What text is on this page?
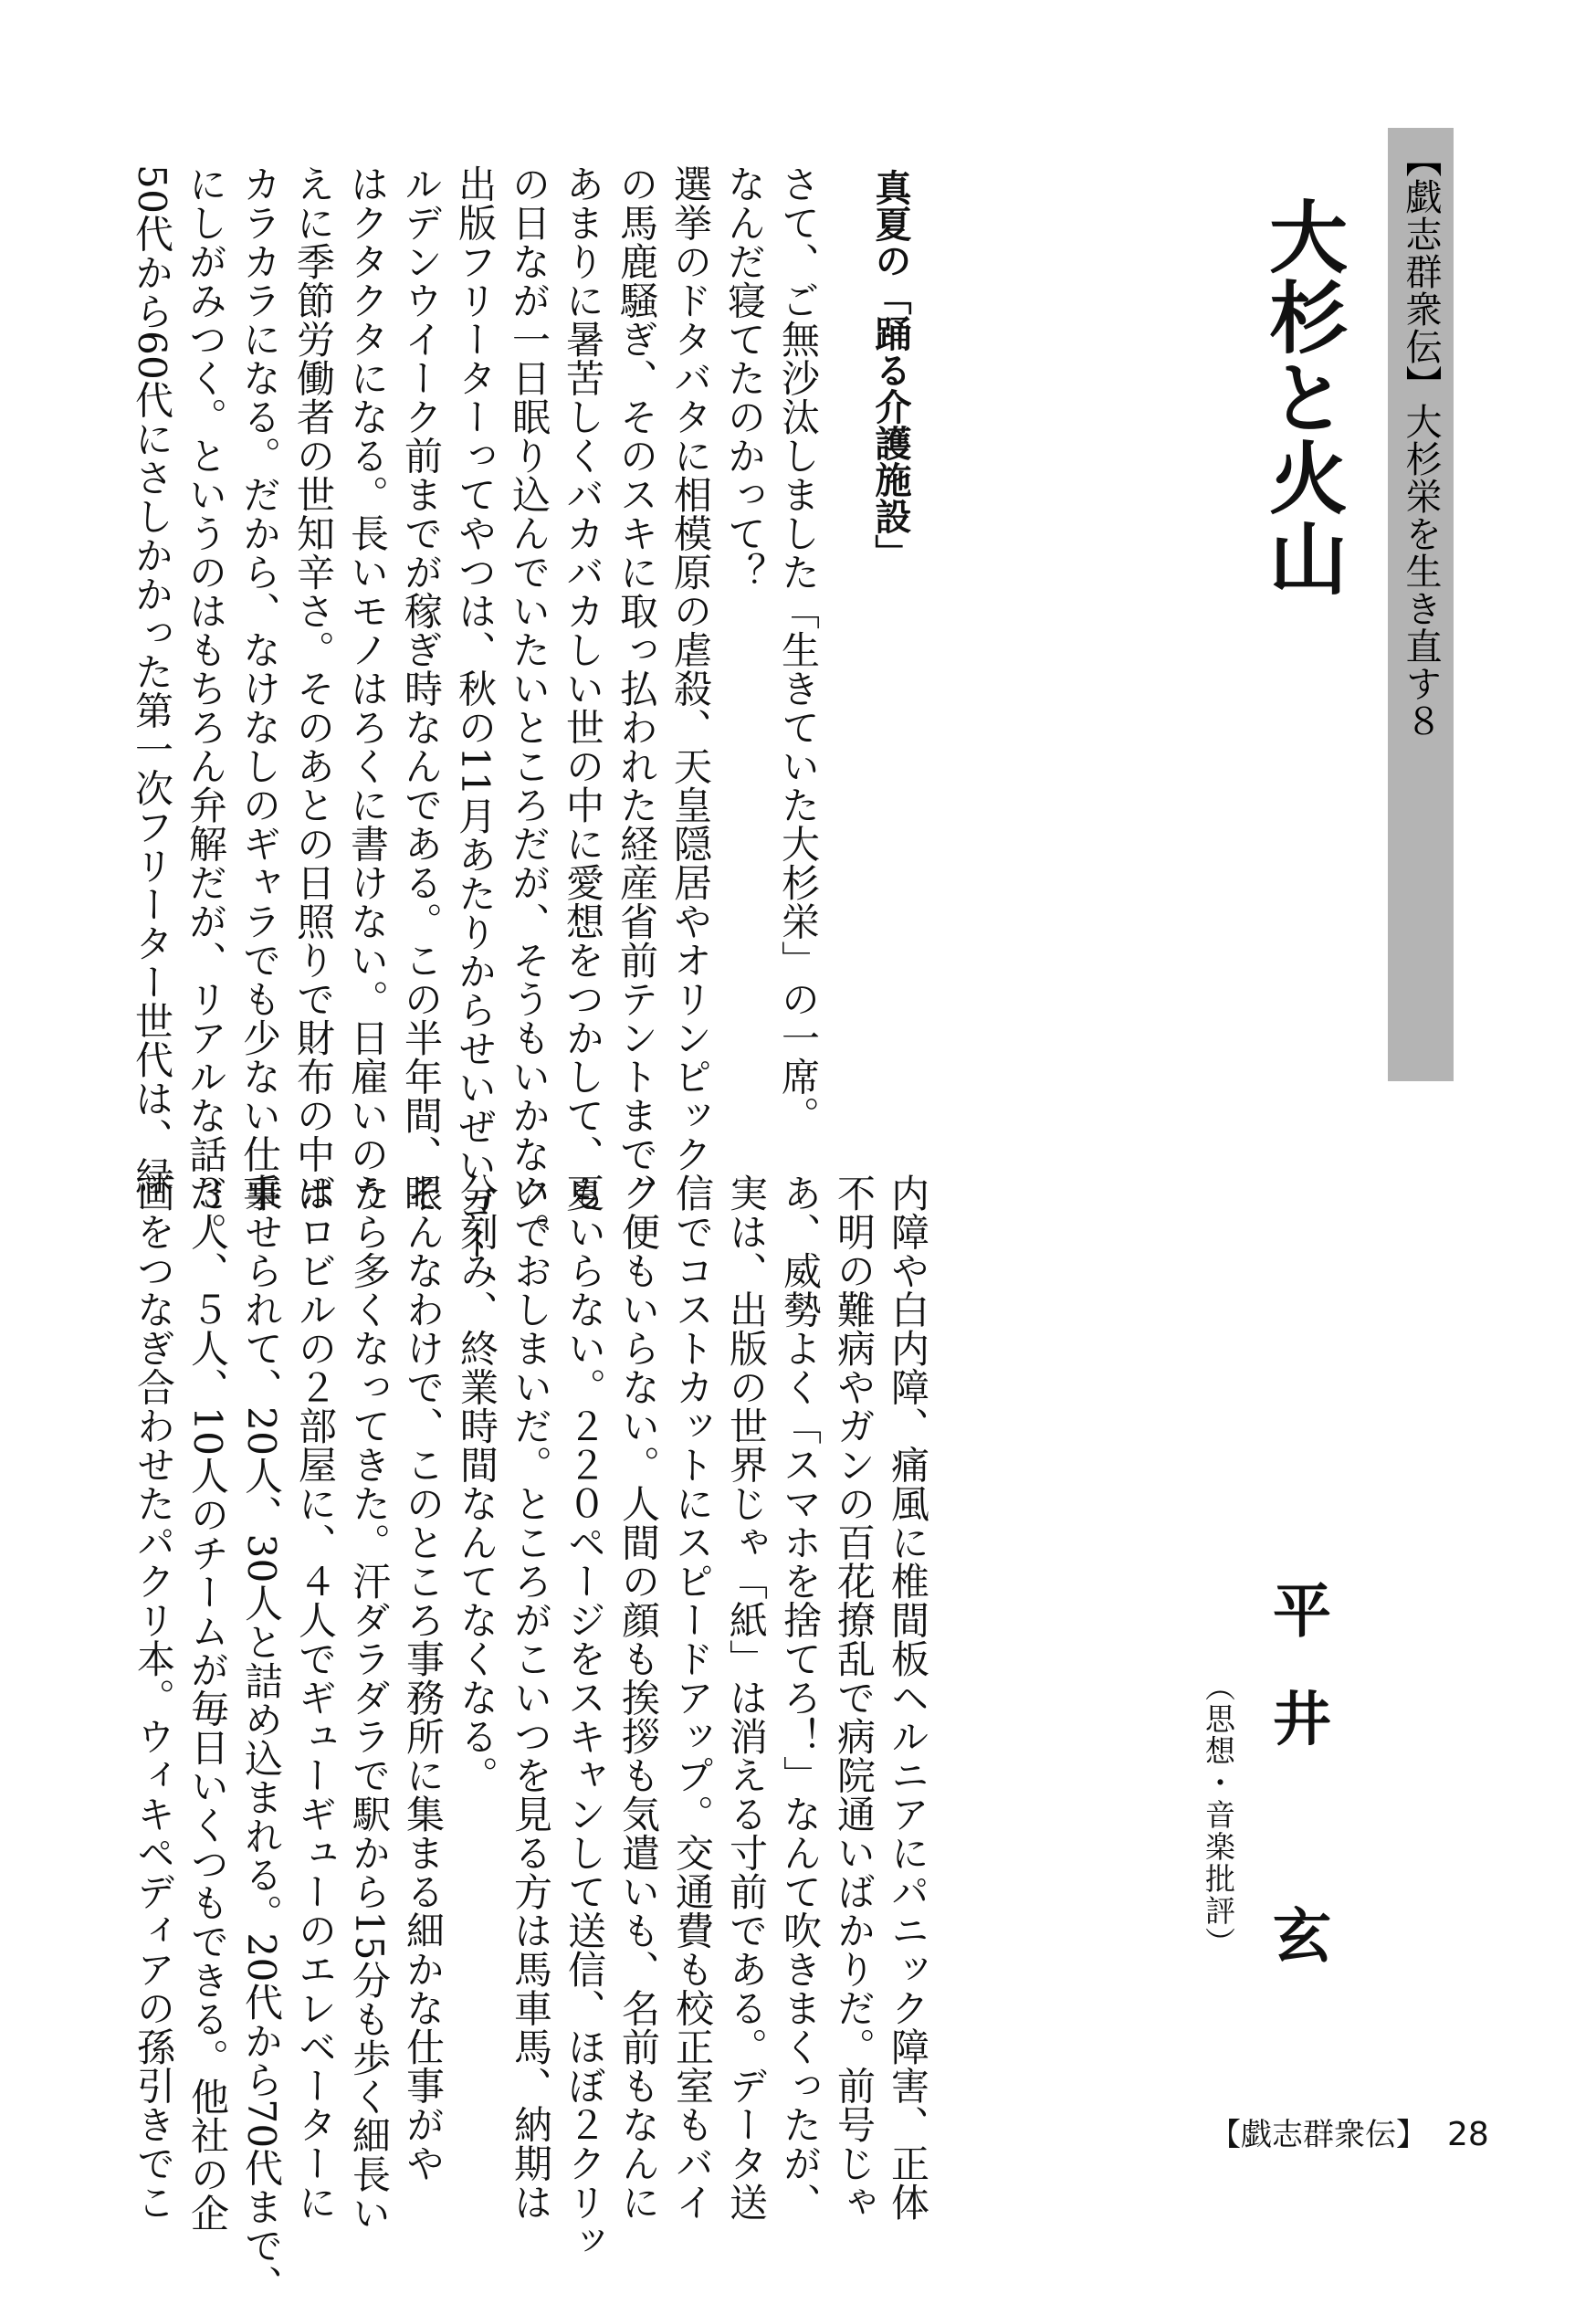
【戯志群衆伝】大杉栄を生き直す８
大杉と火山
真夏の「踊る介護施設」
さて、ご無沙汰しました「生きていた大杉栄」の一席。
なんだ寝てたのかって？
選挙のドタバタに相模原の虐殺、天皇隠居やオリンピック
の馬鹿騒ぎ、そのスキに取っ払われた経産省前テントまで、
あまりに暑苦しくバカバカしい世の中に愛想をつかして、夏
の日なが一日眠り込んでいたいところだが、そうもいかない。
出版フリーターってやつは、秋の11月あたりからせいぜいゴー
ルデンウイーク前までが稼ぎ時なんである。この半年間、眼
はクタクタになる。長いモノはろくに書けない。日雇いのう
えに季節労働者の世知辛さ。そのあとの日照りで財布の中は
カラカラになる。だから、なけなしのギャラでも少ない仕事
にしがみつく。というのはもちろん弁解だが、リアルな話だ。
50代から60代にさしかかった第一次フリーター世代は、緑
平井　玄
（思想・音楽批評）
内障や白内障、痛風に椎間板ヘルニアにパニック障害、正体
不明の難病やガンの百花撩乱で病院通いばかりだ。前号じゃ
あ、威勢よく「スマホを捨てろ！」なんて吹きまくったが、
実は、出版の世界じゃ「紙」は消える寸前である。データ送
信でコストカットにスピードアップ。交通費も校正室もバイ
ク便もいらない。人間の顔も挨拶も気遣いも、名前もなんに
もいらない。２２０ページをスキャンして送信、ほぼ２クリッ
クでおしまいだ。ところがこいつを見る方は馬車馬、納期は
分刻み、終業時間なんてなくなる。
そんなわけで、このところ事務所に集まる細かな仕事がや
たら多くなってきた。汗ダラダラで駅から15分も歩く細長い
ボロビルの２部屋に、４人でギューギューのエレベーターに
乗せられて、20人、30人と詰め込まれる。20代から70代まで、
３人、５人、10人のチームが毎日いくつもできる。他社の企
画をつなぎ合わせたパクリ本。ウィキペディアの孫引きでこ	【戯志群衆伝】 28
